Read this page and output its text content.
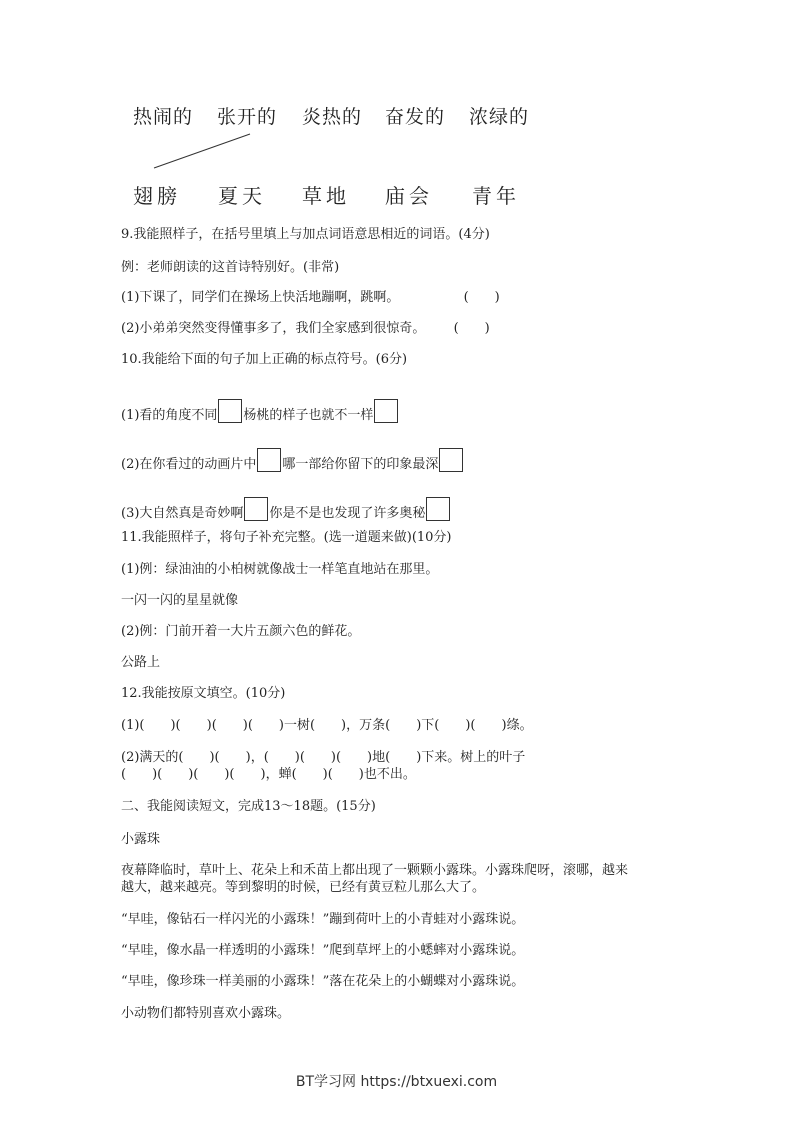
热闹的 张开的 炎热的 奋发的 浓绿的
翅膀 夏天 草地 庙会 青年
9.我能照样子，在括号里填上与加点词语意思相近的词语。(4分)
例：老师朗读的这首诗特别好。(非常)
(1)下课了，同学们在操场上快活地蹦啊，跳啊。	(　　)
(2)小弟弟突然变得懂事多了，我们全家感到很惊奇。 (　　)
10.我能给下面的句子加上正确的标点符号。(6分)
(1)看的角度不同 杨桃的样子也就不一样
(2)在你看过的动画片中 哪一部给你留下的印象最深
(3)大自然真是奇妙啊 你是不是也发现了许多奥秘
11.我能照样子，将句子补充完整。(选一道题来做)(10分)
(1)例：绿油油的小柏树就像战士一样笔直地站在那里。
一闪一闪的星星就像
(2)例：门前开着一大片五颜六色的鲜花。
公路上
12.我能按原文填空。(10分)
(1)(　　)(　　)(　　)(　　)一树(　　)，万条(　　)下(　　)(　　)绦。
(2)满天的(　　)(　　)，(　　)(　　)(　　)地(　　)下来。树上的叶子
(　　)(　　)(　　)(　　)，蝉(　　)(　　)也不出。
二、我能阅读短文，完成13～18题。(15分)
小露珠
夜幕降临时，草叶上、花朵上和禾苗上都出现了一颗颗小露珠。小露珠爬呀，滚哪，越来
越大，越来越亮。等到黎明的时候，已经有黄豆粒儿那么大了。
“早哇，像钻石一样闪光的小露珠！”蹦到荷叶上的小青蛙对小露珠说。
“早哇，像水晶一样透明的小露珠！”爬到草坪上的小蟋蟀对小露珠说。
“早哇，像珍珠一样美丽的小露珠！”落在花朵上的小蝴蝶对小露珠说。
小动物们都特别喜欢小露珠。
BT学习网 https://btxuexi.com
